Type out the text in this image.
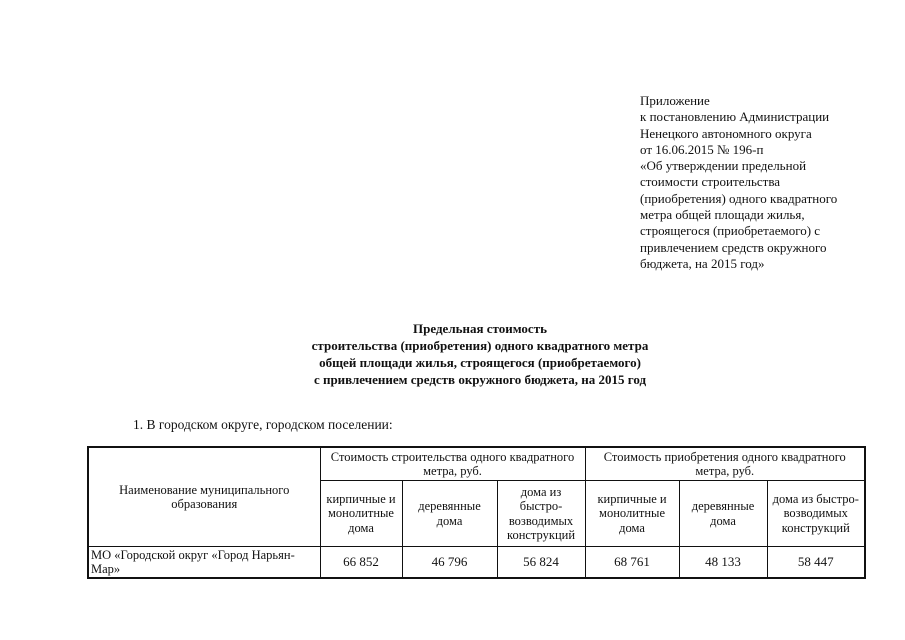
Приложение
к постановлению Администрации
Ненецкого автономного округа
от 16.06.2015 № 196-п
«Об утверждении предельной
стоимости строительства
(приобретения) одного квадратного
метра общей площади жилья,
строящегося (приобретаемого) с
привлечением средств окружного
бюджета, на 2015 год»
Предельная стоимость
строительства (приобретения) одного квадратного метра
общей площади жилья, строящегося (приобретаемого)
с привлечением средств окружного бюджета, на 2015 год
1. В городском округе, городском поселении:
Наименование муниципального образования	Стоимость строительства одного квадратного метра, руб.			Стоимость приобретения одного квадратного метра, руб.		
	кирпичные и монолитные дома	деревянные дома	дома из быстро-возводимых конструкций	кирпичные и монолитные дома	деревянные дома	дома из быстро-возводимых конструкций
МО «Городской округ «Город Нарьян-Мар»	66 852	46 796	56 824	68 761	48 133	58 447
